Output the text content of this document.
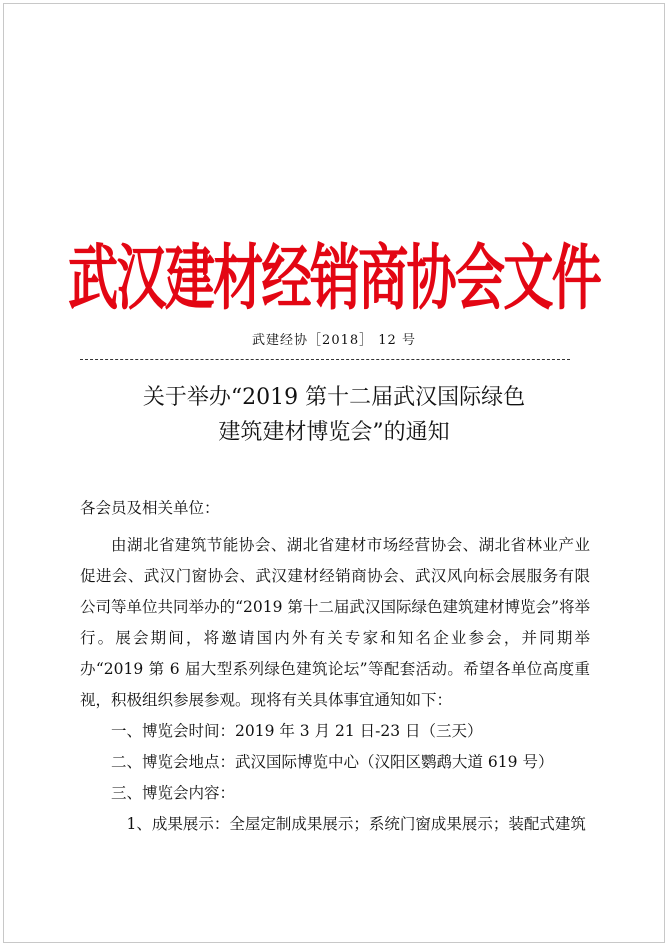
武汉建材经销商协会文件
武建经协［2018］ 12 号
关于举办“2019 第十二届武汉国际绿色
建筑建材博览会”的通知
各会员及相关单位：

由湖北省建筑节能协会、湖北省建材市场经营协会、湖北省林业产业促进会、武汉门窗协会、武汉建材经销商协会、武汉风向标会展服务有限公司等单位共同举办的“2019 第十二届武汉国际绿色建筑建材博览会”将举行。展会期间，将邀请国内外有关专家和知名企业参会，并同期举办“2019 第 6 届大型系列绿色建筑论坛”等配套活动。希望各单位高度重视，积极组织参展参观。现将有关具体事宜通知如下：

一、博览会时间：2019 年 3 月 21 日-23 日（三天）

二、博览会地点：武汉国际博览中心（汉阳区鹦鹉大道 619 号）

三、博览会内容：

1、成果展示：全屋定制成果展示；系统门窗成果展示；装配式建筑
